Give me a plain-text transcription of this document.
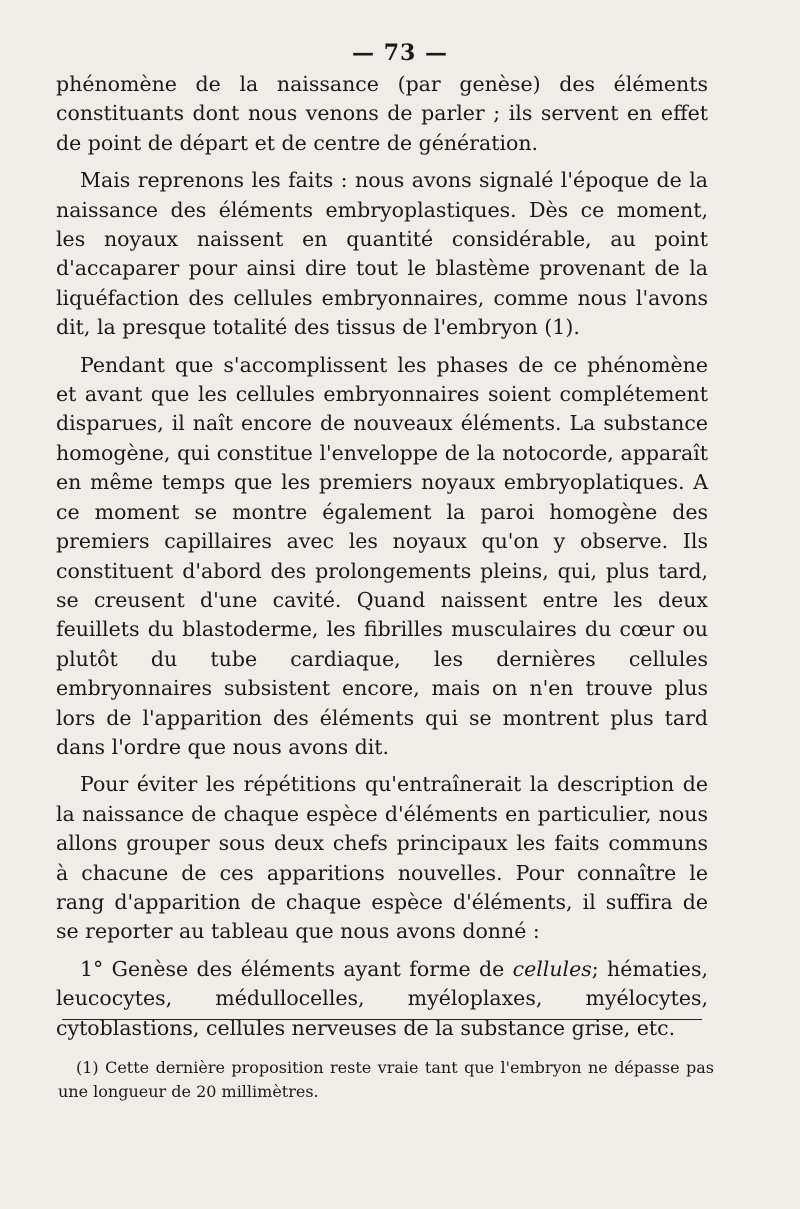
— 73 —

phénomène de la naissance (par genèse) des éléments constituants dont nous venons de parler ; ils servent en effet de point de départ et de centre de génération.

Mais reprenons les faits : nous avons signalé l'époque de la naissance des éléments embryoplastiques. Dès ce moment, les noyaux naissent en quantité considérable, au point d'accaparer pour ainsi dire tout le blastème provenant de la liquéfaction des cellules embryonnaires, comme nous l'avons dit, la presque totalité des tissus de l'embryon (1).

Pendant que s'accomplissent les phases de ce phénomène et avant que les cellules embryonnaires soient complétement disparues, il naît encore de nouveaux éléments. La substance homogène, qui constitue l'enveloppe de la notocorde, apparaît en même temps que les premiers noyaux embryoplatiques. A ce moment se montre également la paroi homogène des premiers capillaires avec les noyaux qu'on y observe. Ils constituent d'abord des prolongements pleins, qui, plus tard, se creusent d'une cavité. Quand naissent entre les deux feuillets du blastoderme, les fibrilles musculaires du cœur ou plutôt du tube cardiaque, les dernières cellules embryonnaires subsistent encore, mais on n'en trouve plus lors de l'apparition des éléments qui se montrent plus tard dans l'ordre que nous avons dit.

Pour éviter les répétitions qu'entraînerait la description de la naissance de chaque espèce d'éléments en particulier, nous allons grouper sous deux chefs principaux les faits communs à chacune de ces apparitions nouvelles. Pour connaître le rang d'apparition de chaque espèce d'éléments, il suffira de se reporter au tableau que nous avons donné :

1° Genèse des éléments ayant forme de cellules; hématies, leucocytes, médullocelles, myéloplaxes, myélocytes, cytoblastions, cellules nerveuses de la substance grise, etc.

(1) Cette dernière proposition reste vraie tant que l'embryon ne dépasse pas une longueur de 20 millimètres.
